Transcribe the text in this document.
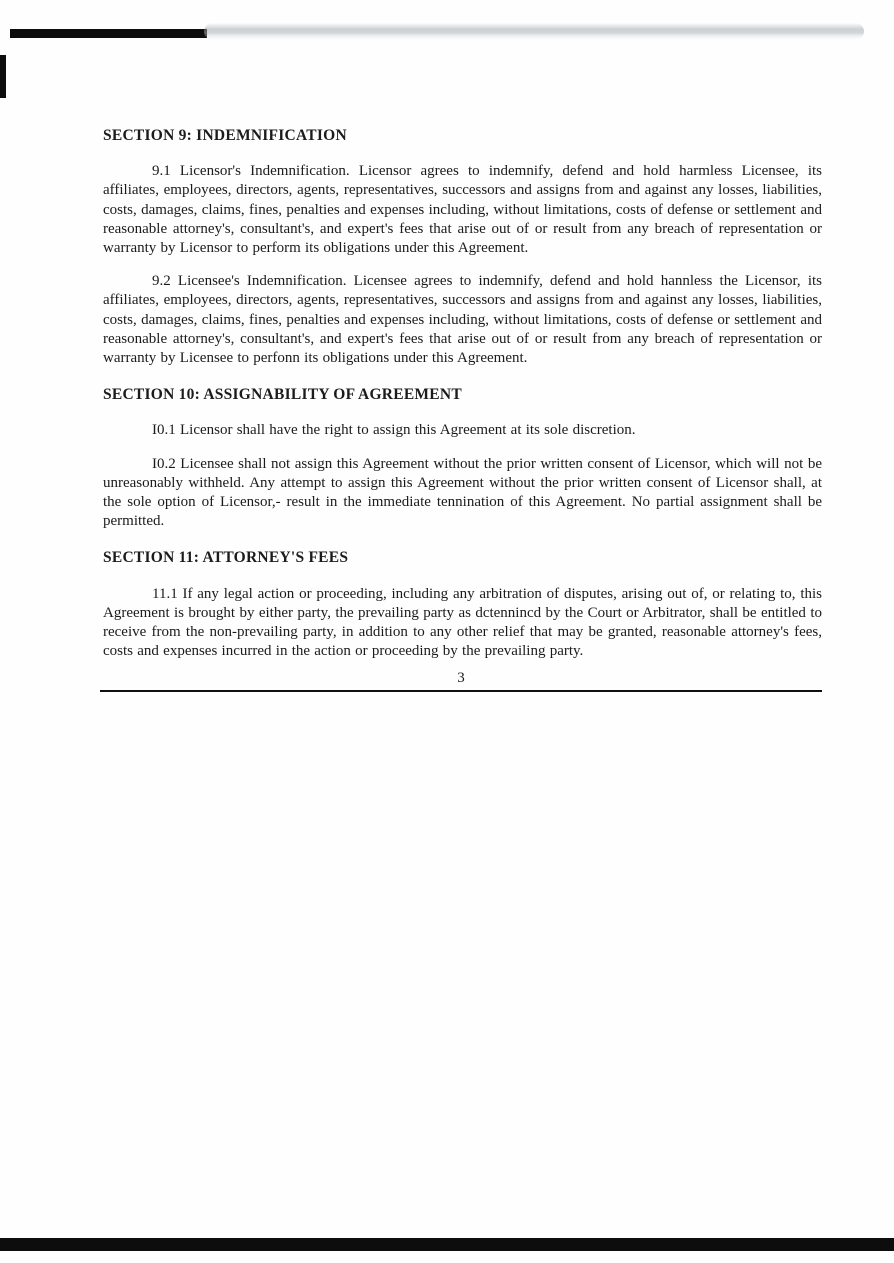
SECTION 9: INDEMNIFICATION

9.1 Licensor's Indemnification. Licensor agrees to indemnify, defend and hold harmless Licensee, its affiliates, employees, directors, agents, representatives, successors and assigns from and against any losses, liabilities, costs, damages, claims, fines, penalties and expenses including, without limitations, costs of defense or settlement and reasonable attorney's, consultant's, and expert's fees that arise out of or result from any breach of representation or warranty by Licensor to perform its obligations under this Agreement.

9.2 Licensee's Indemnification. Licensee agrees to indemnify, defend and hold hannless the Licensor, its affiliates, employees, directors, agents, representatives, successors and assigns from and against any losses, liabilities, costs, damages, claims, fines, penalties and expenses including, without limitations, costs of defense or settlement and reasonable attorney's, consultant's, and expert's fees that arise out of or result from any breach of representation or warranty by Licensee to perfonn its obligations under this Agreement.

SECTION 10: ASSIGNABILITY OF AGREEMENT

I0.1 Licensor shall have the right to assign this Agreement at its sole discretion.

I0.2 Licensee shall not assign this Agreement without the prior written consent of Licensor, which will not be unreasonably withheld. Any attempt to assign this Agreement without the prior written consent of Licensor shall, at the sole option of Licensor,- result in the immediate tennination of this Agreement. No partial assignment shall be permitted.

SECTION 11: ATTORNEY'S FEES

11.1 If any legal action or proceeding, including any arbitration of disputes, arising out of, or relating to, this Agreement is brought by either party, the prevailing party as dctennincd by the Court or Arbitrator, shall be entitled to receive from the non-prevailing party, in addition to any other relief that may be granted, reasonable attorney's fees, costs and expenses incurred in the action or proceeding by the prevailing party.

3
